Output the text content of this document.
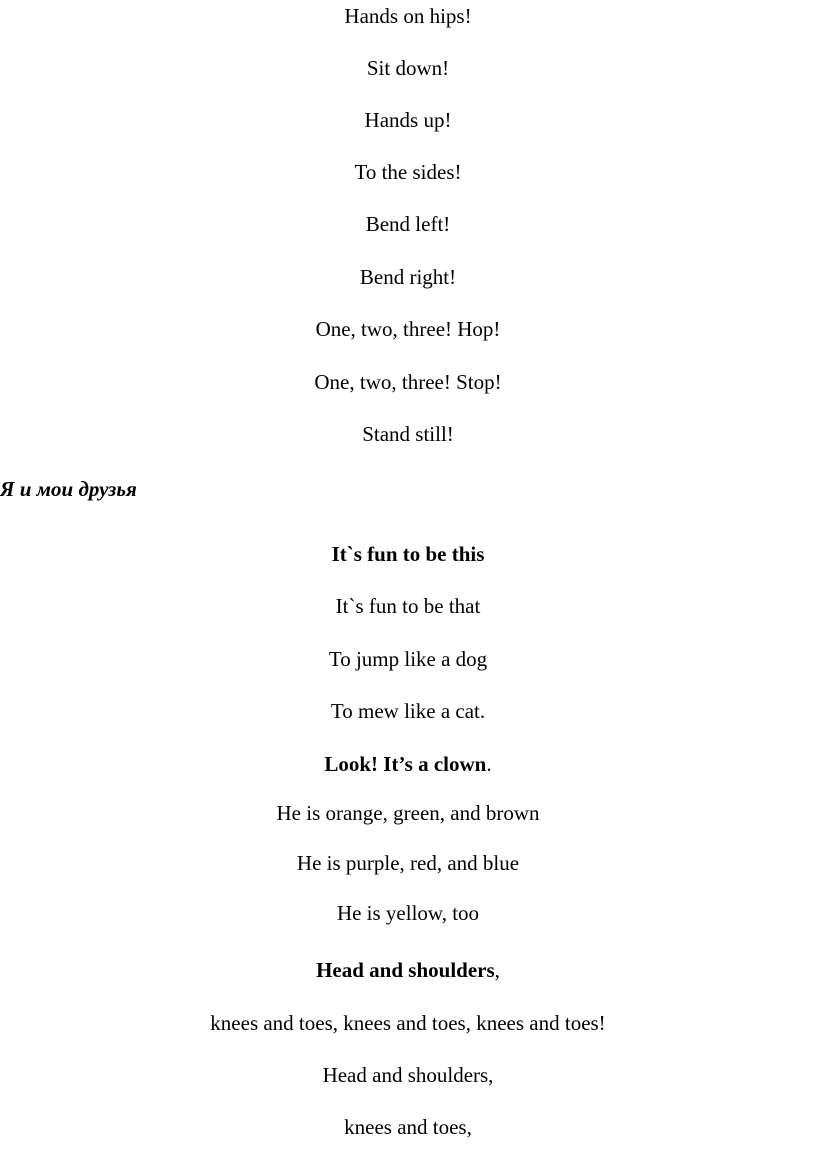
Hands on hips!
Sit down!
Hands up!
To the sides!
Bend left!
Bend right!
One, two, three! Hop!
One, two, three! Stop!
Stand still!
Я и мои друзья
It`s fun to be this
It`s fun to be that
To jump like a dog
To mew like a cat.
Look! It’s a clown.
He is orange, green, and brown
He is purple, red, and blue
He is yellow, too
Head and shoulders,
knees and toes, knees and toes, knees and toes!
Head and shoulders,
knees and toes,
